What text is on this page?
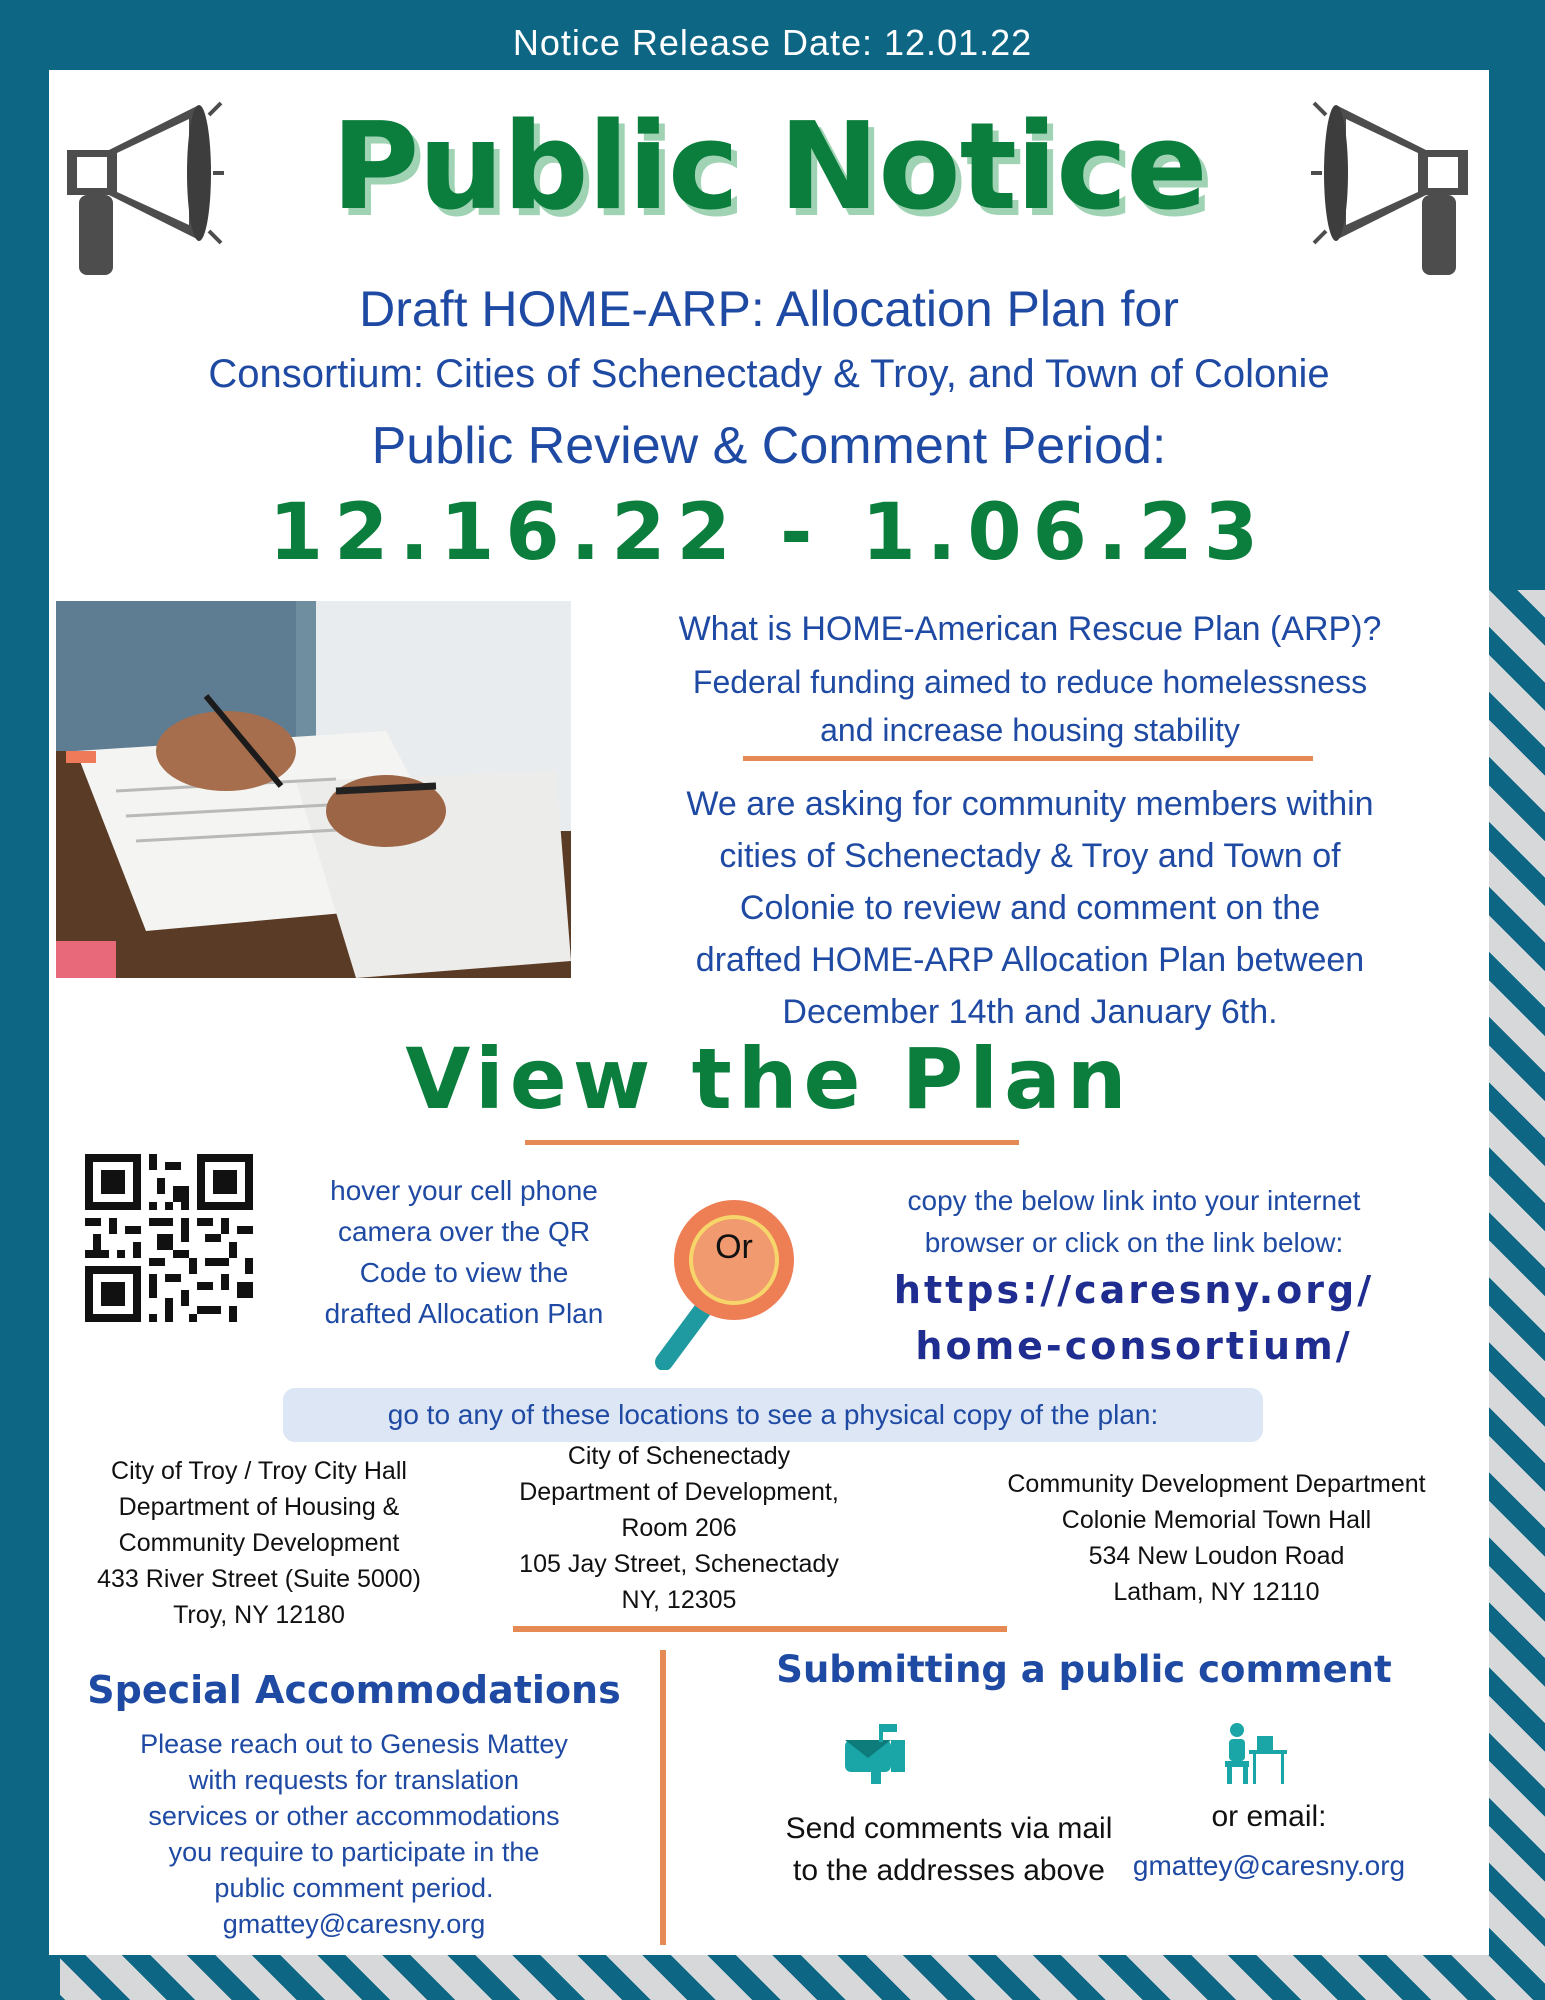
Notice Release Date: 12.01.22
Public Notice
Draft HOME-ARP: Allocation Plan for
Consortium: Cities of Schenectady & Troy, and Town of Colonie
Public Review & Comment Period:
12.16.22 - 1.06.23
What is HOME-American Rescue Plan (ARP)?
Federal funding aimed to reduce homelessness
and increase housing stability
We are asking for community members within
cities of Schenectady & Troy and Town of
Colonie to review and comment on the
drafted HOME-ARP Allocation Plan between
December 14th and January 6th.
View the Plan
hover your cell phone
camera over the QR
Code to view the
drafted Allocation Plan
Or
copy the below link into your internet
browser or click on the link below:
https://caresny.org/
home-consortium/
go to any of these locations to see a physical copy of the plan:
City of Troy / Troy City Hall
Department of Housing &
Community Development
433 River Street (Suite 5000)
Troy, NY 12180
City of Schenectady
Department of Development,
Room 206
105 Jay Street, Schenectady
NY, 12305
Community Development Department
Colonie Memorial Town Hall
534 New Loudon Road
Latham, NY 12110
Special Accommodations
Please reach out to Genesis Mattey
with requests for translation
services or other accommodations
you require to participate in the
public comment period.
gmattey@caresny.org
Submitting a public comment
Send comments via mail
to the addresses above
or email:
gmattey@caresny.org
